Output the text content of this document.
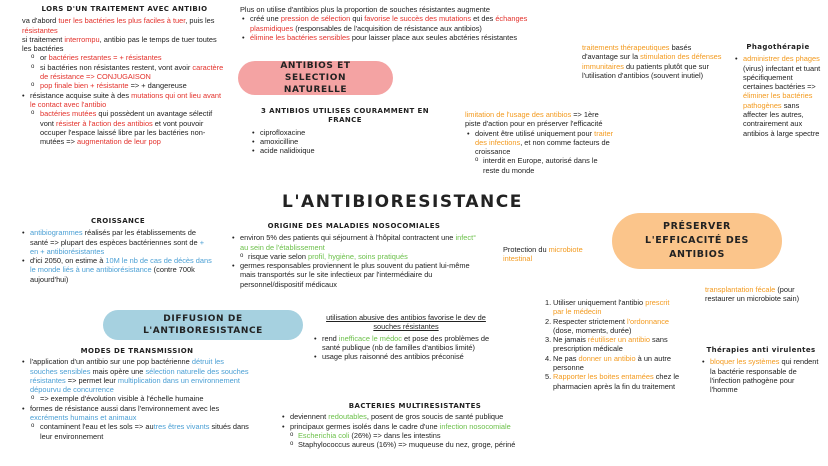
LORS D'UN TRAITEMENT AVEC ANTIBIO
va d'abord tuer les bactéries les plus faciles à tuer, puis les résistantes
si traitement interrompu, antibio pas le temps de tuer toutes les bactéries
o or bactéries restantes = + résistantes
o si bactéries non résistantes restent, vont avoir caractère de résistance => CONJUGAISON
o pop finale bien + résistante => + dangereuse
• résistance acquise suite à des mutations qui ont lieu avant le contact avec l'antibio
o bactéries mutées qui possèdent un avantage sélectif vont résister à l'action des antibios et vont pouvoir occuper l'espace laissé libre par les bactéries non-mutées => augmentation de leur pop
Plus on utilise d'antibios plus la proportion de souches résistantes augmente
• créé une pression de sélection qui favorise le succès des mutations et des échanges plasmidiques (responsables de l'acquisition de résistance aux antibios)
• élimine les bactéries sensibles pour laisser place aux seules abctéries résistantes
ANTIBIOS ET SELECTION NATURELLE
3 ANTIBIOS UTILISES COURAMMENT EN FRANCE
• ciprofloxacine
• amoxicilline
• acide nalidixique
traitements thérapeutiques basés d'avantage sur la stimulation des défenses immunitaires du patients plutôt que sur l'utilisation d'antibios (souvent inutiel)
Phagothérapie
• administrer des phages (virus) infectant et tuant spécifiquement certaines bactéries => éliminer les bactéries pathogènes sans affecter les autres, contrairement aux antibios à large spectre
limitation de l'usage des antibios => 1ère piste d'action pour en préserver l'efficacité
• doivent être utilisé uniquement pour traiter des infections, et non comme facteurs de croissance
o interdit en Europe, autorisé dans le reste du monde
L'ANTIBIORESISTANCE
PRÉSERVER L'EFFICACITÉ DES ANTIBIOS
Protection du microbiote intestinal
transplantation fécale (pour restaurer un microbiote sain)
1. Utiliser uniquement l'antibio prescrit par le médecin
2. Respecter strictement l'ordonnance (dose, moments, durée)
3. Ne jamais réutiliser un antibio sans prescription médicale
4. Ne pas donner un antibio à un autre personne
5. Rapporter les boites entamées chez le pharmacien après la fin du traitement
Thérapies anti virulentes
• bloquer les systèmes qui rendent la bactérie responsable de l'infection pathogène pour l'homme
CROISSANCE
• antibiogrammes réalisés par les établissements de santé => plupart des espèces bactériennes sont de + en + antibiorésistantes
• d'ici 2050, on estime à 10M le nb de cas de décès dans le monde liés à une antibiorésistance (contre 700k aujourd'hui)
ORIGINE DES MALADIES NOSOCOMIALES
• environ 5% des patients qui séjournent à l'hôpital contractent une infect° au sein de l'établissement
o risque varie selon profil, hygiène, soins pratiqués
• germes responsables proviennent le plus souvent du patient lui-même mais transportés sur le site infectieux par l'intermédiaire du personnel/dispositif médicaux
DIFFUSION DE L'ANTIBORESISTANCE
MODES DE TRANSMISSION
• l'application d'un antibio sur une pop bactérienne détruit les souches sensibles mais opère une sélection naturelle des souches résistantes => permet leur multiplication dans un environnement dépourvu de concurrence
o => exemple d'évolution visible à l'échelle humaine
• formes de résistance aussi dans l'environnement avec les excréments humains et animaux
o contaminent l'eau et les sols => autres êtres vivants situés dans leur environnement
utilisation abusive des antibios favorise le dev de souches résistantes
• rend inefficace le médoc et pose des problèmes de santé publique (nb de familles d'antibios limité)
• usage plus raisonné des antibios préconisé
BACTERIES MULTIRESISTANTES
• deviennent redoutables, posent de gros soucis de santé publique
• principaux germes isolés dans le cadre d'une infection nosocomiale
o Escherichia coli (26%) => dans les intestins
o Staphylococcus aureus (16%) => muqueuse du nez, groge, périné
